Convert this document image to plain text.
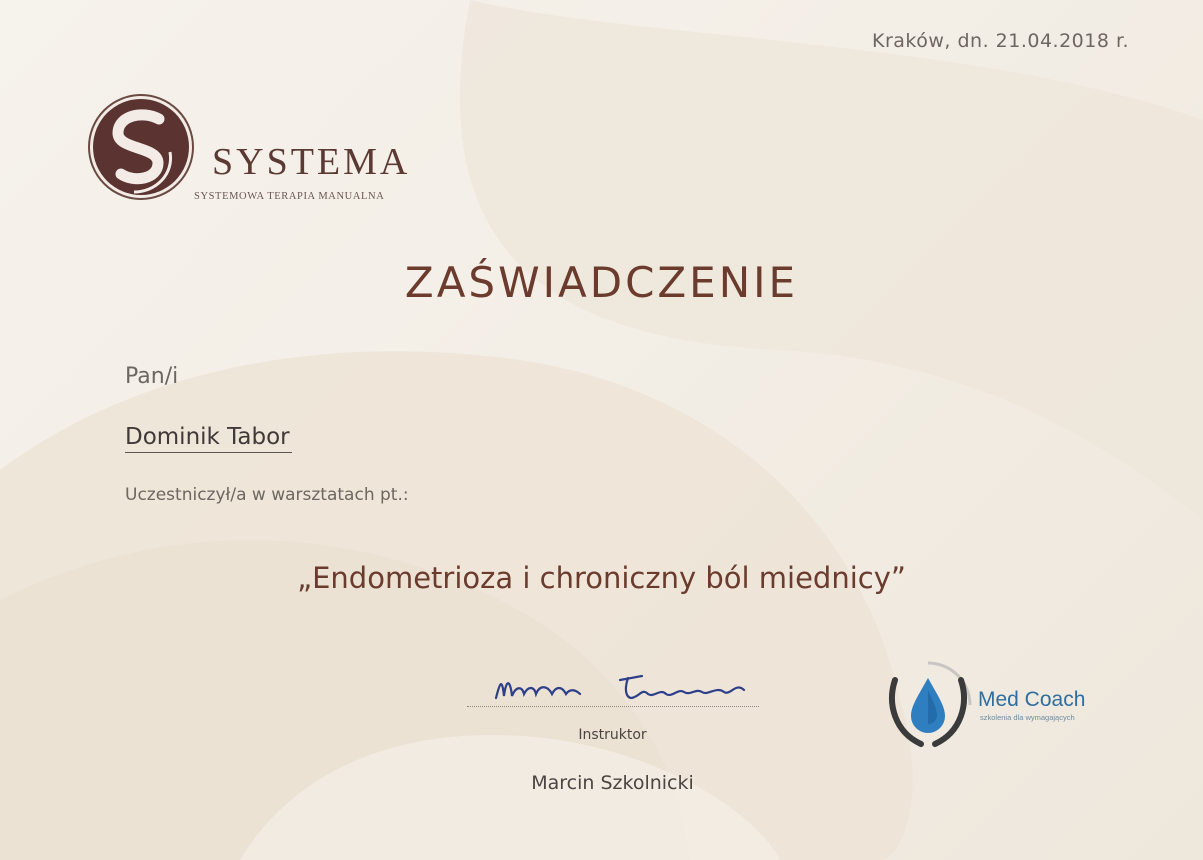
Kraków, dn. 21.04.2018 r.
SYSTEMA
SYSTEMOWA TERAPIA MANUALNA
ZAŚWIADCZENIE
Pan/i
Dominik Tabor
Uczestniczył/a w warsztatach pt.:
„Endometrioza i chroniczny ból miednicy”
Instruktor
Marcin Szkolnicki
Med Coach
szkolenia dla wymagających
